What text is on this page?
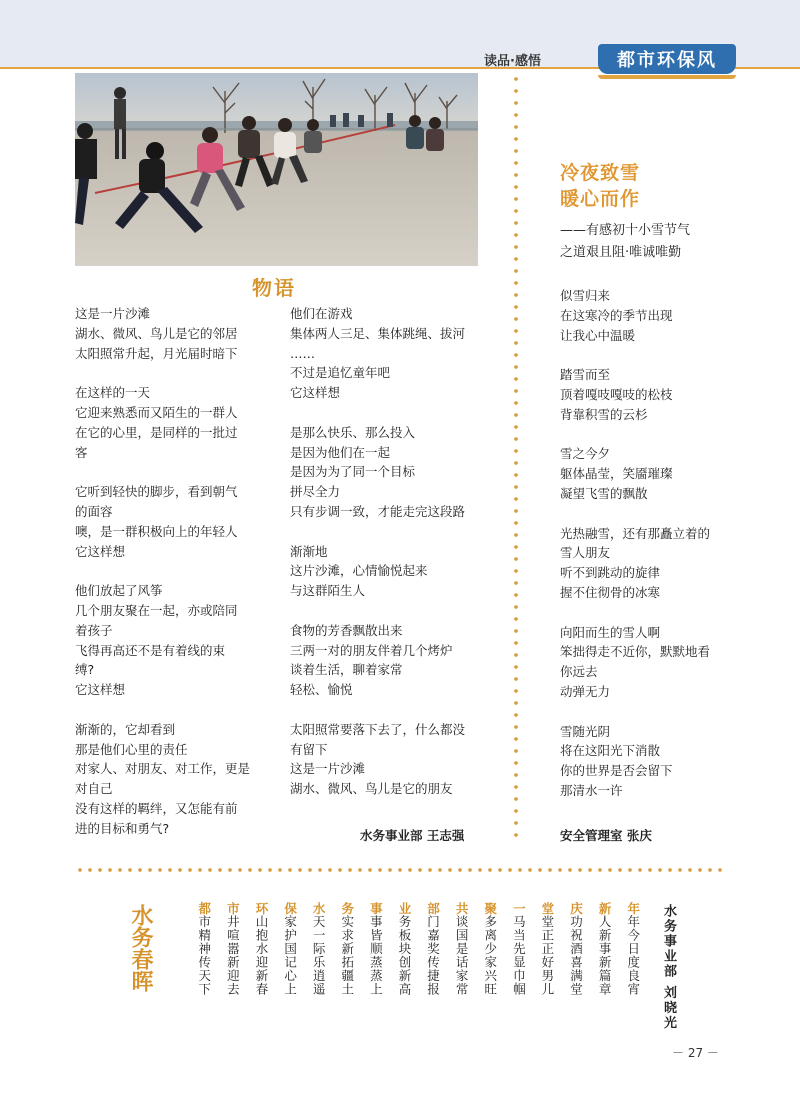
读品·感悟	都市环保风
物语
这是一片沙滩
湖水、微风、鸟儿是它的邻居
太阳照常升起，月光届时暗下
在这样的一天
它迎来熟悉而又陌生的一群人
在它的心里，是同样的一批过
客
它听到轻快的脚步，看到朝气
的面容
噢，是一群积极向上的年轻人
它这样想
他们放起了风筝
几个朋友聚在一起，亦或陪同
着孩子
飞得再高还不是有着线的束
缚?
它这样想
渐渐的，它却看到
那是他们心里的责任
对家人、对朋友、对工作，更是
对自己
没有这样的羁绊，又怎能有前
进的目标和勇气?
他们在游戏
集体两人三足、集体跳绳、拔河
……
不过是追忆童年吧
它这样想
是那么快乐、那么投入
是因为他们在一起
是因为为了同一个目标
拼尽全力
只有步调一致，才能走完这段路
渐渐地
这片沙滩，心情愉悦起来
与这群陌生人
食物的芳香飘散出来
三两一对的朋友伴着几个烤炉
谈着生活，聊着家常
轻松、愉悦
太阳照常要落下去了，什么都没
有留下
这是一片沙滩
湖水、微风、鸟儿是它的朋友
水务事业部 王志强
冷夜致雪
暖心而作
——有感初十小雪节气
之道艰且阻·唯诚唯勤
似雪归来
在这寒冷的季节出现
让我心中温暖
踏雪而至
顶着嘎吱嘎吱的松枝
背靠积雪的云杉
雪之今夕
躯体晶莹，笑靥璀璨
凝望飞雪的飘散
光热融雪，还有那矗立着的
雪人朋友
听不到跳动的旋律
握不住彻骨的冰寒
向阳而生的雪人啊
笨拙得走不近你，默默地看
你远去
动弹无力
雪随光阴
将在这阳光下消散
你的世界是否会留下
那清水一许
安全管理室 张庆
水务春晖	都
市精神传天下
市
井喧嚣新迎去
环
山抱水迎新春
保
家护国记心上
水
天一际乐逍遥
务
实求新拓疆土
事
事皆顺蒸蒸上
业
务板块创新高
部
门嘉奖传捷报
共
谈国是话家常
聚
多离少家兴旺
一
马当先显巾帼
堂
堂正正好男儿
庆
功祝酒喜满堂
新
人新事新篇章
年
年今日度良宵 水务事业部 刘晓光
－ 27 －
